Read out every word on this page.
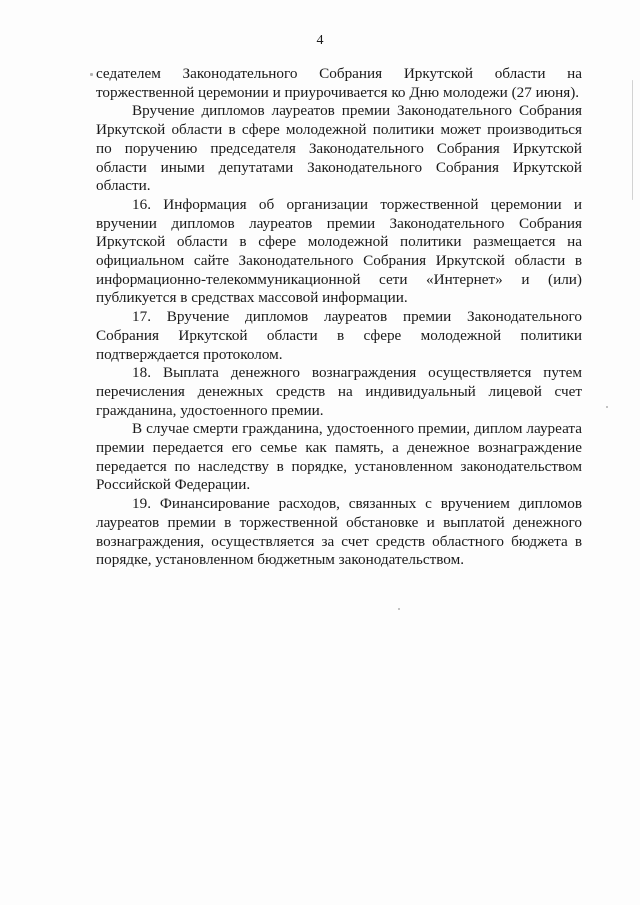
4

седателем Законодательного Собрания Иркутской области на торжественной церемонии и приурочивается ко Дню молодежи (27 июня).

Вручение дипломов лауреатов премии Законодательного Собрания Иркутской области в сфере молодежной политики может производиться по поручению председателя Законодательного Собрания Иркутской области иными депутатами Законодательного Собрания Иркутской области.

16. Информация об организации торжественной церемонии и вручении дипломов лауреатов премии Законодательного Собрания Иркутской области в сфере молодежной политики размещается на официальном сайте Законодательного Собрания Иркутской области в информационно-телекоммуникационной сети «Интернет» и (или) публикуется в средствах массовой информации.

17. Вручение дипломов лауреатов премии Законодательного Собрания Иркутской области в сфере молодежной политики подтверждается протоколом.

18. Выплата денежного вознаграждения осуществляется путем перечисления денежных средств на индивидуальный лицевой счет гражданина, удостоенного премии.

В случае смерти гражданина, удостоенного премии, диплом лауреата премии передается его семье как память, а денежное вознаграждение передается по наследству в порядке, установленном законодательством Российской Федерации.

19. Финансирование расходов, связанных с вручением дипломов лауреатов премии в торжественной обстановке и выплатой денежного вознаграждения, осуществляется за счет средств областного бюджета в порядке, установленном бюджетным законодательством.
